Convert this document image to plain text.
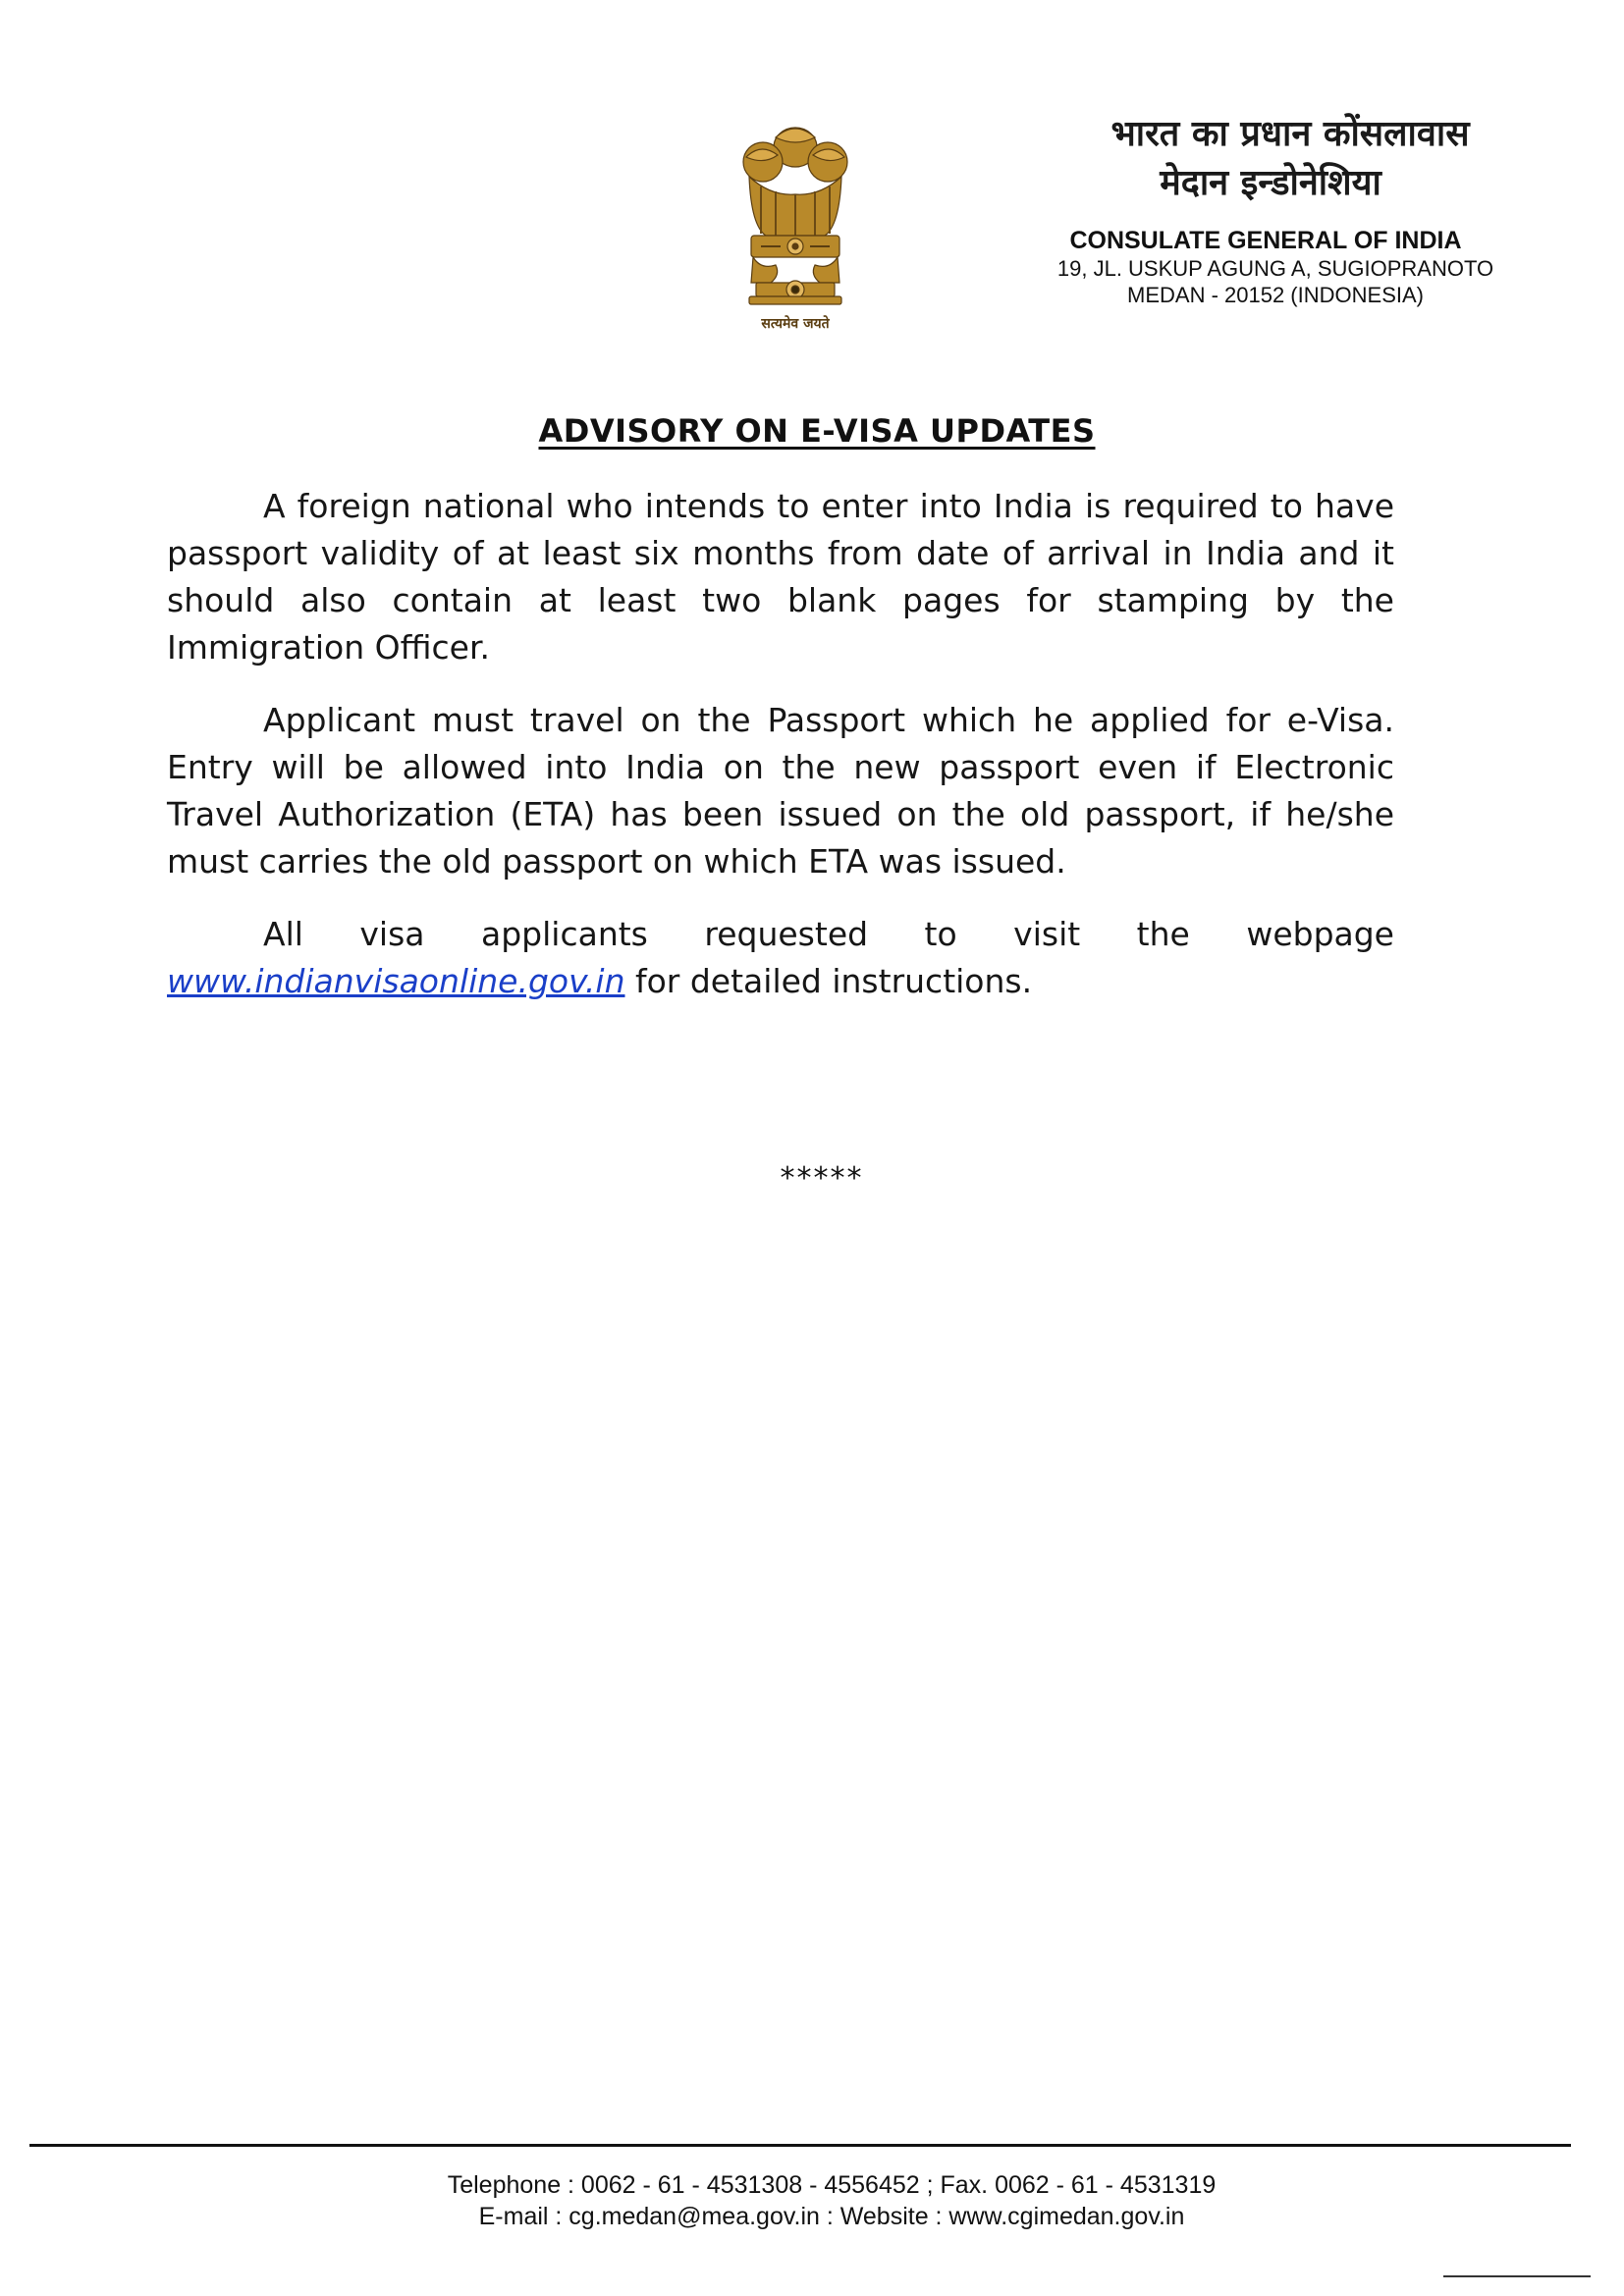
सत्यमेव जयते
भारत का प्रधान कोंसलावास
मेदान इन्डोनेशिया
CONSULATE GENERAL OF INDIA
19, JL. USKUP AGUNG A, SUGIOPRANOTO
MEDAN - 20152 (INDONESIA)
ADVISORY ON E-VISA UPDATES

A foreign national who intends to enter into India is required to have passport validity of at least six months from date of arrival in India and it should also contain at least two blank pages for stamping by the Immigration Officer.

Applicant must travel on the Passport which he applied for e-Visa. Entry will be allowed into India on the new passport even if Electronic Travel Authorization (ETA) has been issued on the old passport, if he/she must carries the old passport on which ETA was issued.

All visa applicants requested to visit the webpage www.indianvisaonline.gov.in for detailed instructions.

*****
Telephone : 0062 - 61 - 4531308 - 4556452 ; Fax. 0062 - 61 - 4531319
E-mail : cg.medan@mea.gov.in : Website : www.cgimedan.gov.in
